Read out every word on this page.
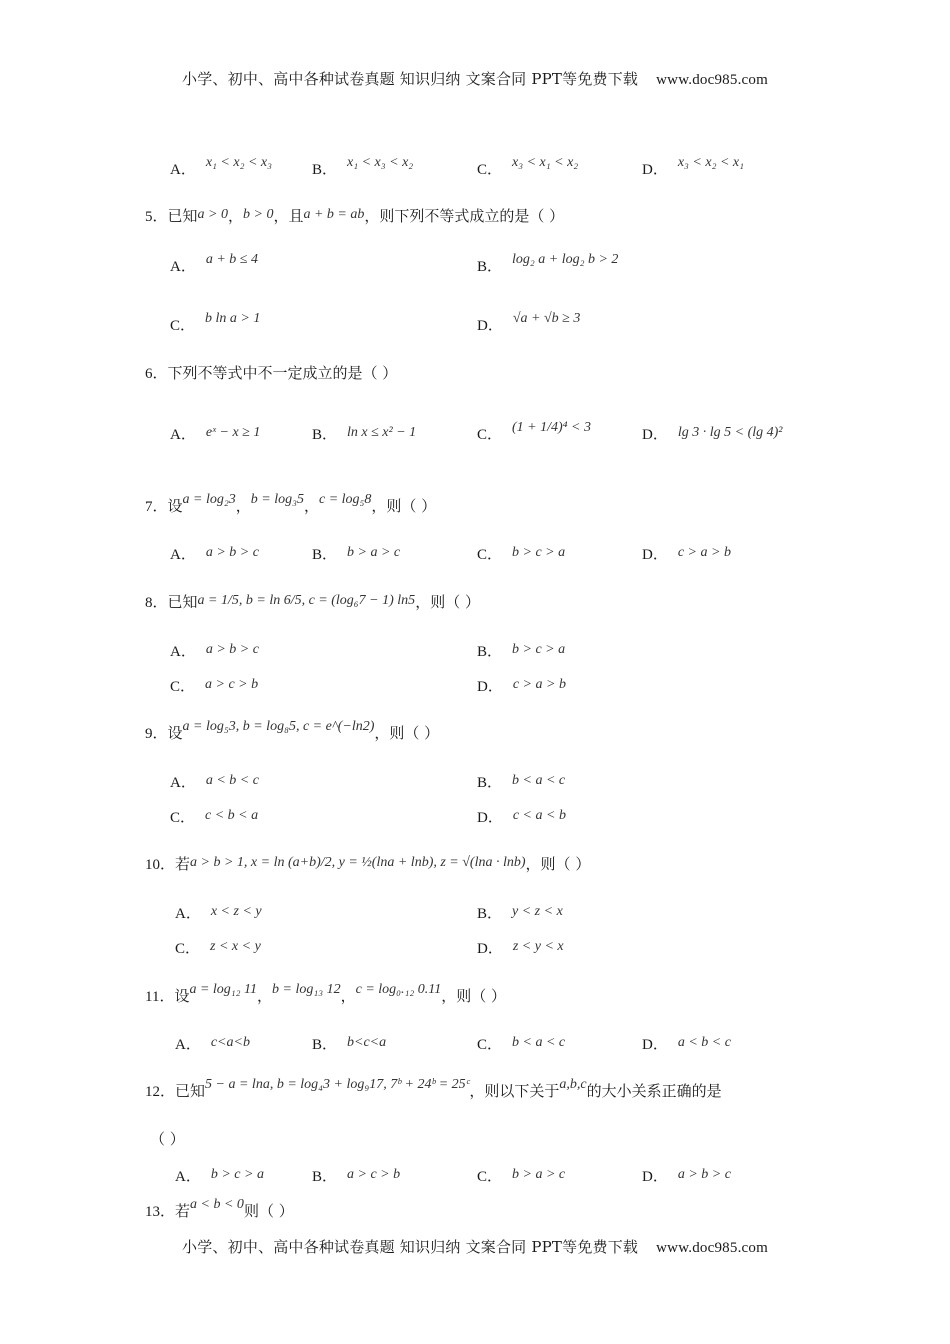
小学、初中、高中各种试卷真题 知识归纳 文案合同 PPT等免费下载 www.doc985.com
A． x₁ < x₂ < x₃	B． x₁ < x₃ < x₂	C． x₃ < x₁ < x₂	D． x₃ < x₂ < x₁
5．已知a > 0，b > 0，且a + b = ab，则下列不等式成立的是（ ）
A． a + b ≤ 4	B． log₂ a + log₂ b > 2
C． b ln a > 1	D． √a + √b ≥ 3
6．下列不等式中不一定成立的是（ ）
A． eˣ − x ≥ 1	B． ln x ≤ x² − 1	C． (1 + 1/4)⁴ < 3	D． lg 3 · lg 5 < (lg 4)²
7．设a = log₂3，b = log₃5，c = log₅8，则（ ）
A． a > b > c	B． b > a > c	C． b > c > a	D． c > a > b
8．已知a = 1/5, b = ln 6/5, c = (log₆7 − 1) ln5，则（ ）
A． a > b > c	B． b > c > a
C． a > c > b	D． c > a > b
9．设a = log₅3, b = log₈5, c = e^(−ln2)，则（ ）
A． a < b < c	B． b < a < c
C． c < b < a	D． c < a < b
10．若a > b > 1, x = ln (a+b)/2, y = ½(lna + lnb), z = √(lna · lnb)，则（ ）
A． x < z < y	B． y < z < x
C． z < x < y	D． z < y < x
11．设a = log₁₂ 11，b = log₁₃ 12，c = log₀.₁₂ 0.11，则（ ）
A． c<a<b	B． b<c<a	C． b < a < c	D． a < b < c
12．已知5 − a = lna, b = log₄3 + log₉17, 7ᵇ + 24ᵇ = 25ᶜ，则以下关于a,b,c的大小关系正确的是
（ ）
A． b > c > a	B． a > c > b	C． b > a > c	D． a > b > c
13．若a < b < 0则（ ）
小学、初中、高中各种试卷真题 知识归纳 文案合同 PPT等免费下载 www.doc985.com
